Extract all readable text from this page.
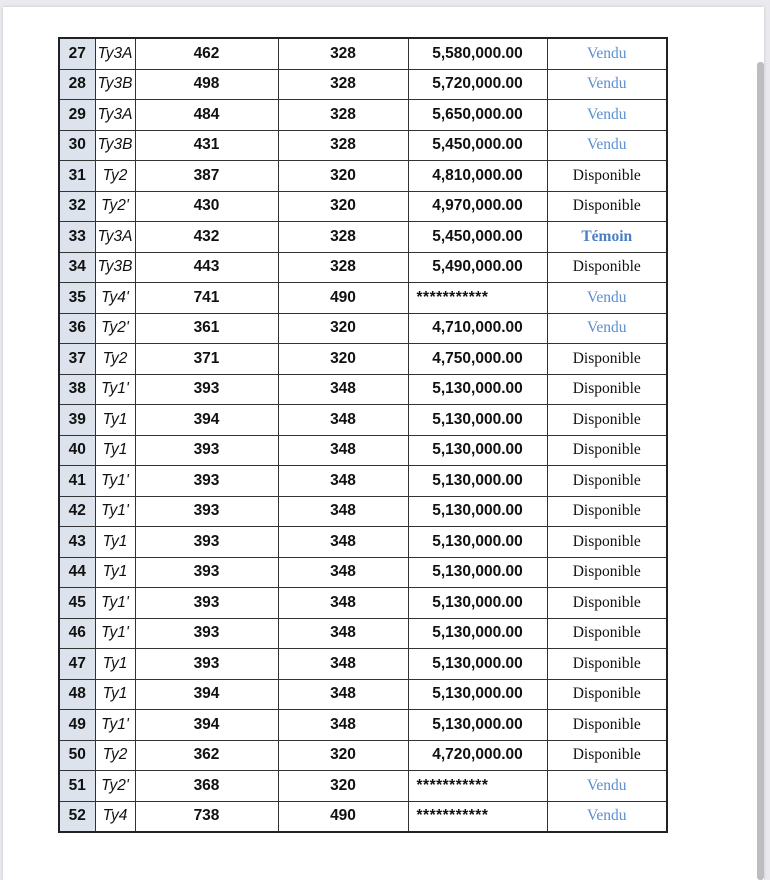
27	Ty3A	462	328	5,580,000.00	Vendu
28	Ty3B	498	328	5,720,000.00	Vendu
29	Ty3A	484	328	5,650,000.00	Vendu
30	Ty3B	431	328	5,450,000.00	Vendu
31	Ty2	387	320	4,810,000.00	Disponible
32	Ty2'	430	320	4,970,000.00	Disponible
33	Ty3A	432	328	5,450,000.00	Témoin
34	Ty3B	443	328	5,490,000.00	Disponible
35	Ty4'	741	490	***********	Vendu
36	Ty2'	361	320	4,710,000.00	Vendu
37	Ty2	371	320	4,750,000.00	Disponible
38	Ty1'	393	348	5,130,000.00	Disponible
39	Ty1	394	348	5,130,000.00	Disponible
40	Ty1	393	348	5,130,000.00	Disponible
41	Ty1'	393	348	5,130,000.00	Disponible
42	Ty1'	393	348	5,130,000.00	Disponible
43	Ty1	393	348	5,130,000.00	Disponible
44	Ty1	393	348	5,130,000.00	Disponible
45	Ty1'	393	348	5,130,000.00	Disponible
46	Ty1'	393	348	5,130,000.00	Disponible
47	Ty1	393	348	5,130,000.00	Disponible
48	Ty1	394	348	5,130,000.00	Disponible
49	Ty1'	394	348	5,130,000.00	Disponible
50	Ty2	362	320	4,720,000.00	Disponible
51	Ty2'	368	320	***********	Vendu
52	Ty4	738	490	***********	Vendu
